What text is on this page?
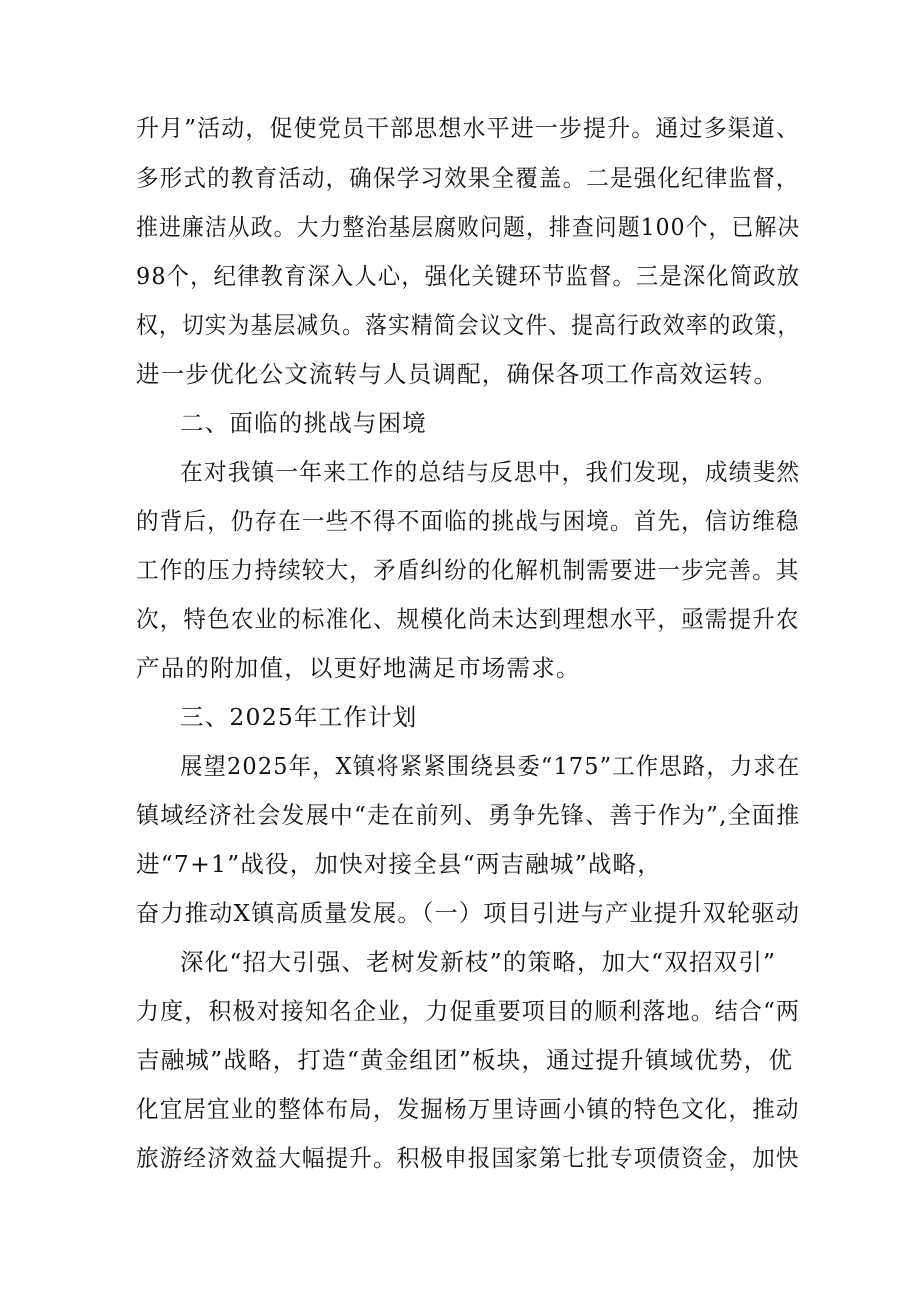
升月”活动，促使党员干部思想水平进一步提升。通过多渠道、
多形式的教育活动，确保学习效果全覆盖。二是强化纪律监督，
推进廉洁从政。大力整治基层腐败问题，排查问题100个，已解决
98个，纪律教育深入人心，强化关键环节监督。三是深化简政放
权，切实为基层减负。落实精简会议文件、提高行政效率的政策，
进一步优化公文流转与人员调配，确保各项工作高效运转。
二、面临的挑战与困境
在对我镇一年来工作的总结与反思中，我们发现，成绩斐然
的背后，仍存在一些不得不面临的挑战与困境。首先，信访维稳
工作的压力持续较大，矛盾纠纷的化解机制需要进一步完善。其
次，特色农业的标准化、规模化尚未达到理想水平，亟需提升农
产品的附加值，以更好地满足市场需求。
三、2025年工作计划
展望2025年，X镇将紧紧围绕县委“175”工作思路，力求在
镇域经济社会发展中“走在前列、勇争先锋、善于作为”,全面推
进“7+1”战役，加快对接全县“两吉融城”战略，
奋力推动X镇高质量发展。（一）项目引进与产业提升双轮驱动
深化“招大引强、老树发新枝”的策略，加大“双招双引”
力度，积极对接知名企业，力促重要项目的顺利落地。结合“两
吉融城”战略，打造“黄金组团”板块，通过提升镇域优势，优
化宜居宜业的整体布局，发掘杨万里诗画小镇的特色文化，推动
旅游经济效益大幅提升。积极申报国家第七批专项债资金，加快
